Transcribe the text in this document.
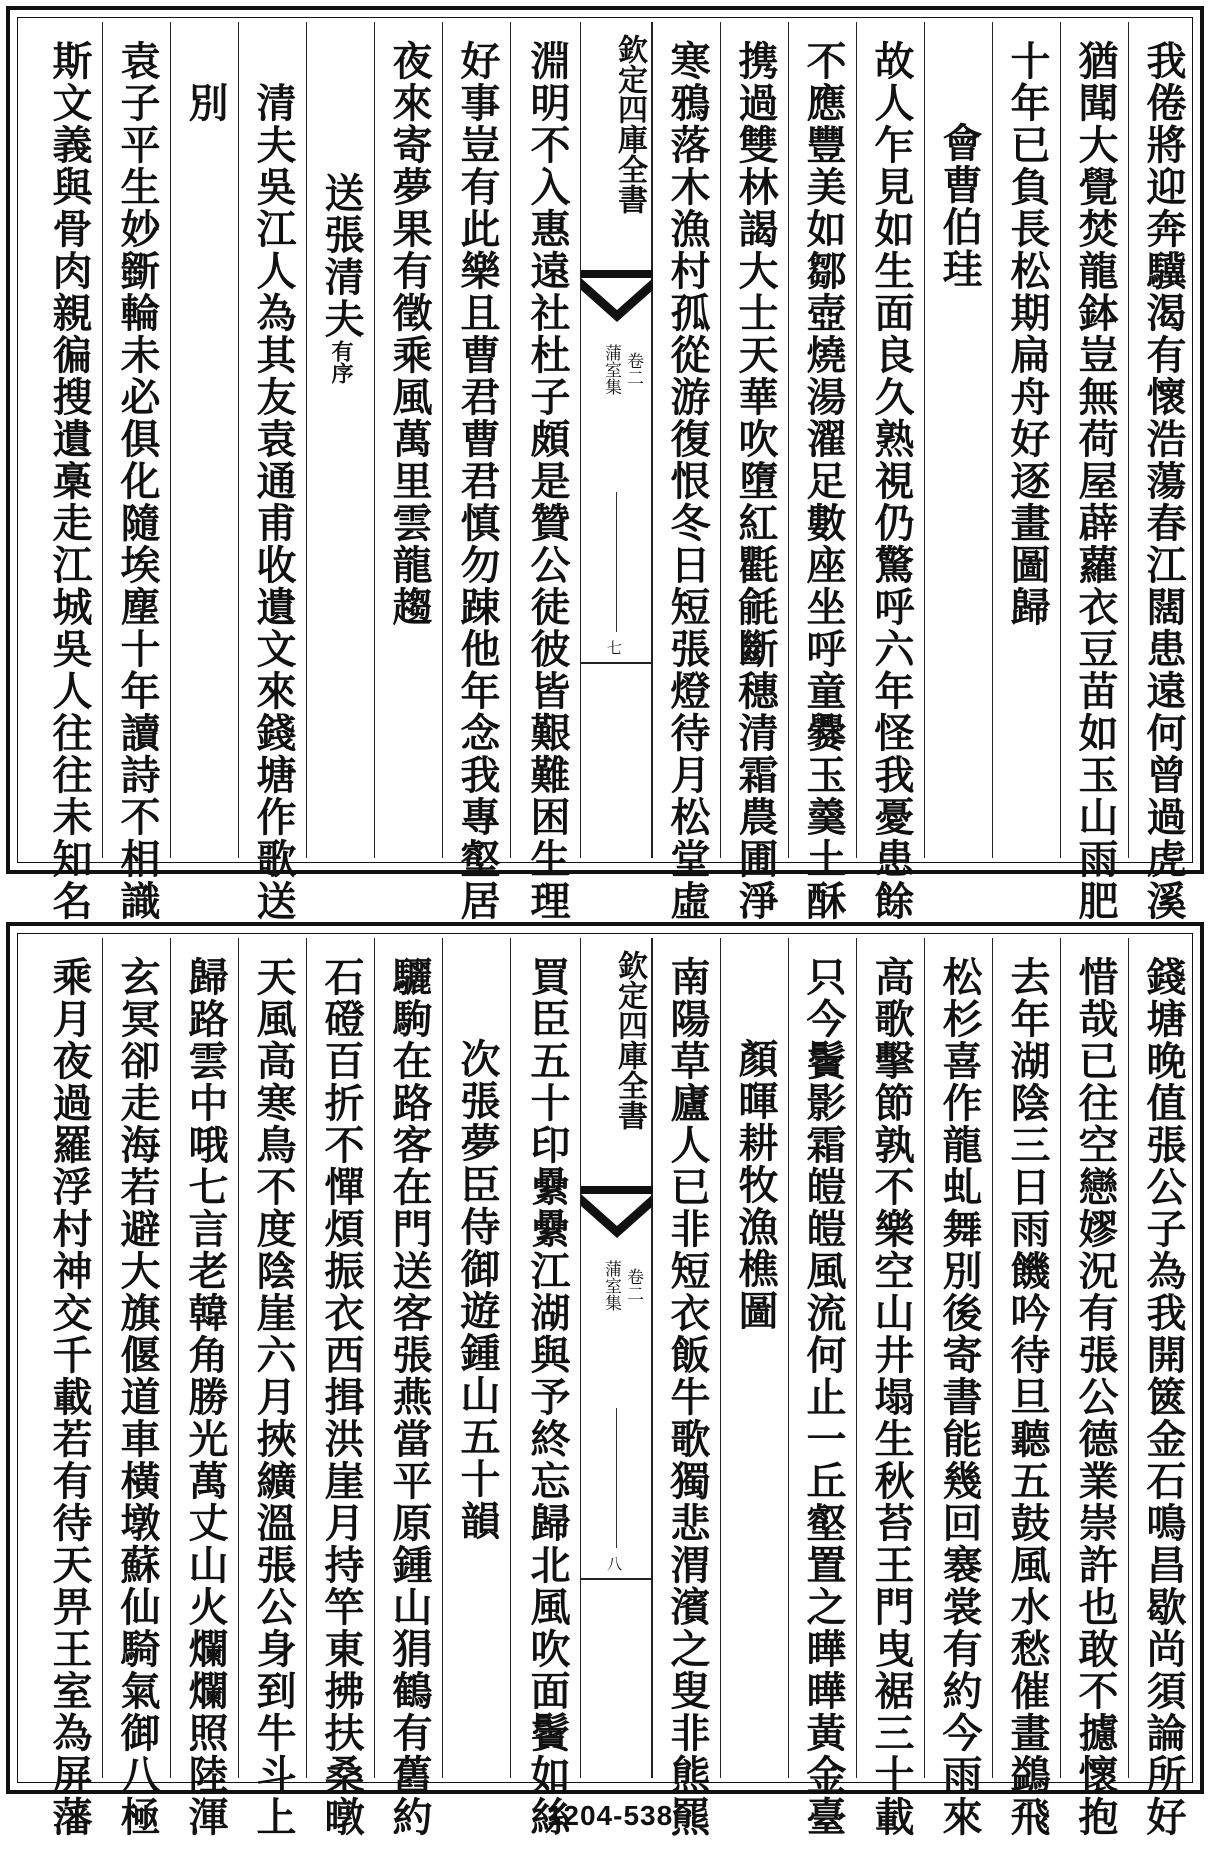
我倦將迎奔驥渴有懷浩蕩春江闊患遠何曾過虎溪
猶聞大覺焚龍鉢豈無荷屋薜蘿衣豆苗如玉山雨肥
十年已負長松期扁舟好逐畫圖歸
會曹伯珪
故人乍見如生面良久熟視仍驚呼六年怪我憂患餘
不應豐美如鄒壺燒湯濯足數座坐呼童爨玉羹土酥
携過雙林謁大士天華吹墮紅氍毹斷穗清霜農圃淨
寒鴉落木漁村孤從游復恨冬日短張燈待月松堂虛
欽定四庫全書
蒲室集 卷二
七
淵明不入惠遠社杜子頗是贊公徒彼皆艱難困生理
好事豈有此樂且曹君曹君慎勿踈他年念我專壑居
夜來寄夢果有徵乘風萬里雲龍趨
送張清夫有序
清夫吳江人為其友袁通甫收遺文來錢塘作歌送
別
袁子平生妙斵輪未必俱化隨埃塵十年讀詩不相識
斯文義與骨肉親徧搜遺槀走江城吳人往往未知名
錢塘晚值張公子為我開篋金石鳴昌歇尚須論所好
惜哉已往空戀嫪況有張公德業崇許也敢不攄懷抱
去年湖陰三日雨饑吟待旦聽五鼓風水愁催畫鷁飛
松杉喜作龍虬舞別後寄書能幾回褰裳有約今雨來
高歌擊節孰不樂空山井塌生秋苔王門曳裾三十載
只今鬢影霜皚皚風流何止一丘壑置之曄曄黃金臺
顏暉耕牧漁樵圖
南陽草廬人已非短衣飯牛歌獨悲渭濱之叟非熊羆
欽定四庫全書
蒲室集 卷二
八
買臣五十印纍纍江湖與予終忘歸北風吹面鬢如絲
次張夢臣侍御遊鍾山五十韻
驪駒在路客在門送客張燕當平原鍾山狷鶴有舊約
石磴百折不憚煩振衣西揖洪崖月持竿東拂扶桑暾
天風高寒鳥不度陰崖六月挾纊溫張公身到牛斗上
歸路雲中哦七言老韓角勝光萬丈山火爛爛照陸渾
玄冥卻走海若避大旗偃道車橫墩蘇仙騎氣御八極
乘月夜過羅浮村神交千載若有待天畀王室為屏藩	1204-538
